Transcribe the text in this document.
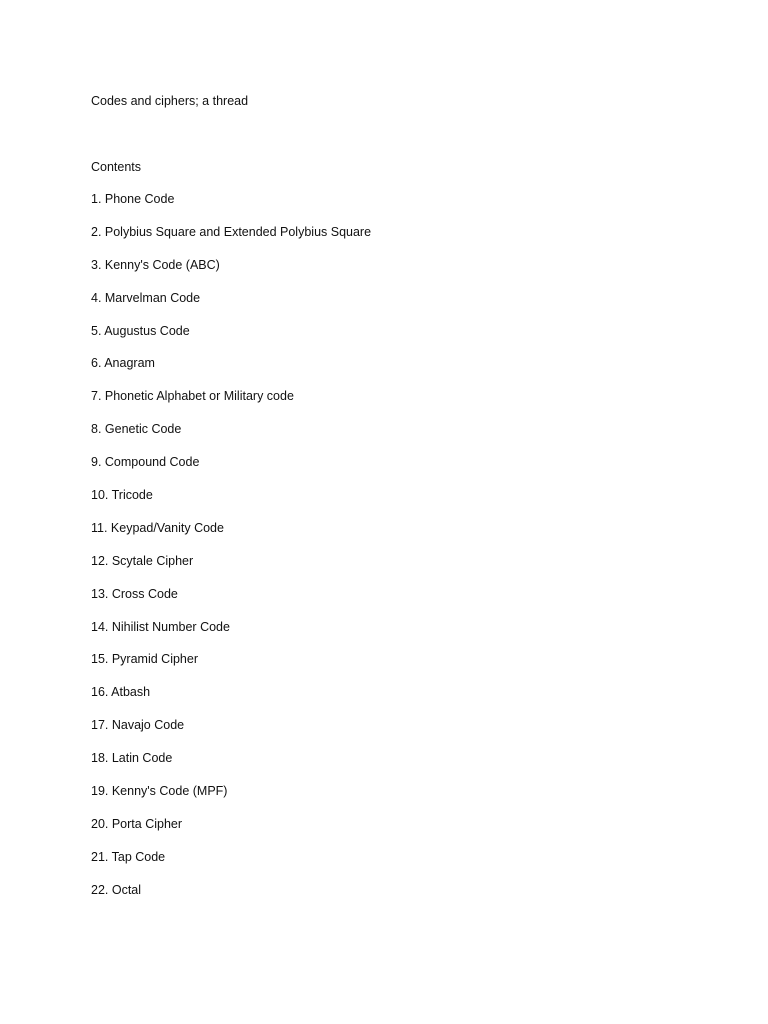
Codes and ciphers; a thread
Contents
1. Phone Code
2. Polybius Square and Extended Polybius Square
3. Kenny's Code (ABC)
4. Marvelman Code
5. Augustus Code
6. Anagram
7. Phonetic Alphabet or Military code
8. Genetic Code
9. Compound Code
10. Tricode
11. Keypad/Vanity Code
12. Scytale Cipher
13. Cross Code
14. Nihilist Number Code
15. Pyramid Cipher
16. Atbash
17. Navajo Code
18. Latin Code
19. Kenny's Code (MPF)
20. Porta Cipher
21. Tap Code
22. Octal
